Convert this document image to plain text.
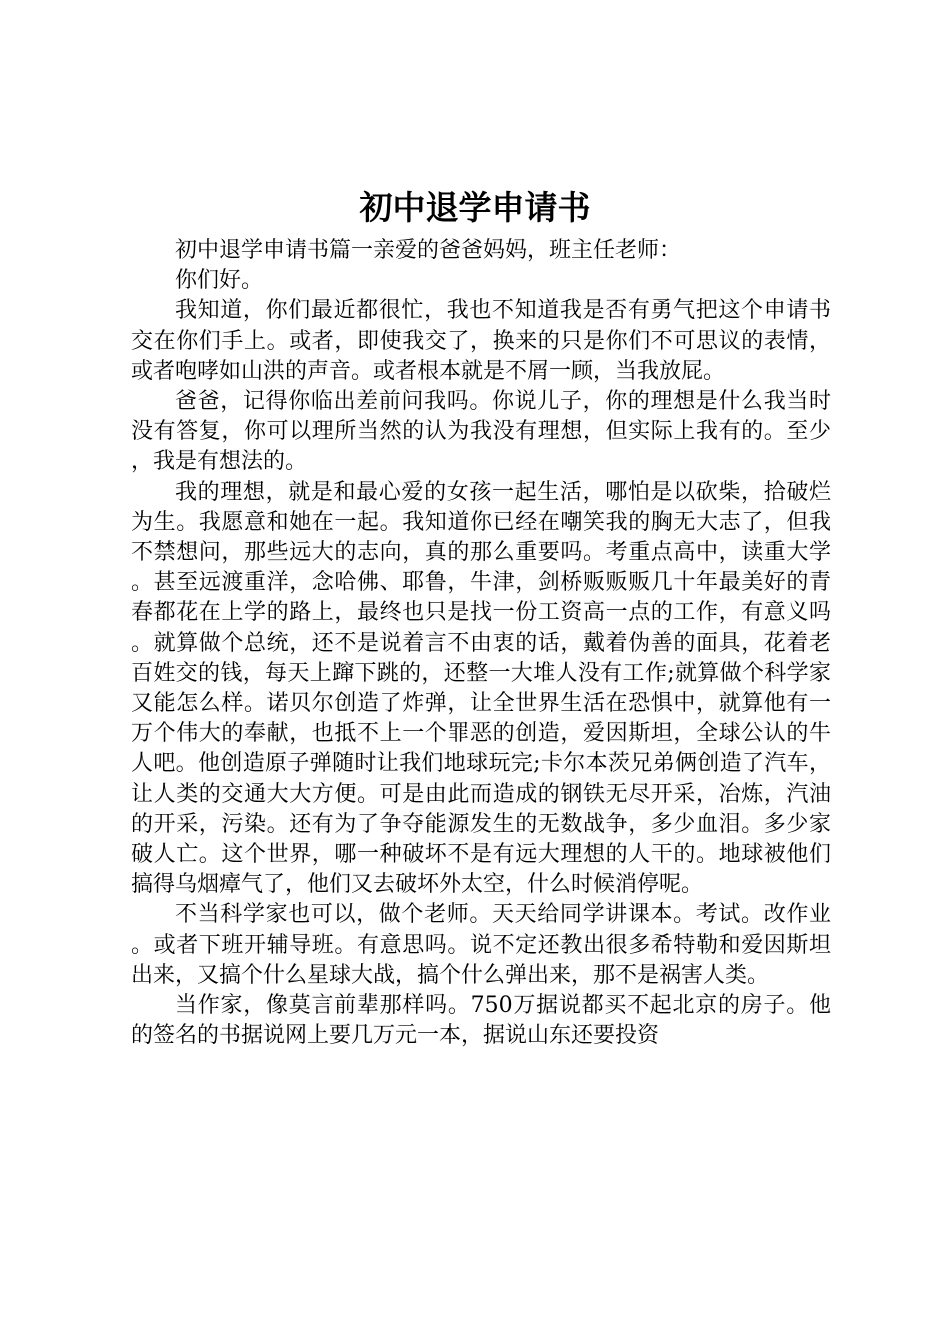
初中退学申请书

初中退学申请书篇一亲爱的爸爸妈妈，班主任老师：

你们好。

我知道，你们最近都很忙，我也不知道我是否有勇气把这个申请书交在你们手上。或者，即使我交了，换来的只是你们不可思议的表情，或者咆哮如山洪的声音。或者根本就是不屑一顾，当我放屁。

爸爸，记得你临出差前问我吗。你说儿子，你的理想是什么我当时没有答复，你可以理所当然的认为我没有理想，但实际上我有的。至少，我是有想法的。

我的理想，就是和最心爱的女孩一起生活，哪怕是以砍柴，拾破烂为生。我愿意和她在一起。我知道你已经在嘲笑我的胸无大志了，但我不禁想问，那些远大的志向，真的那么重要吗。考重点高中，读重大学。甚至远渡重洋，念哈佛、耶鲁，牛津，剑桥贩贩贩几十年最美好的青春都花在上学的路上，最终也只是找一份工资高一点的工作，有意义吗。就算做个总统，还不是说着言不由衷的话，戴着伪善的面具，花着老百姓交的钱，每天上蹿下跳的，还整一大堆人没有工作;就算做个科学家又能怎么样。诺贝尔创造了炸弹，让全世界生活在恐惧中，就算他有一万个伟大的奉献，也抵不上一个罪恶的创造，爱因斯坦，全球公认的牛人吧。他创造原子弹随时让我们地球玩完;卡尔本茨兄弟俩创造了汽车，让人类的交通大大方便。可是由此而造成的钢铁无尽开采，冶炼，汽油的开采，污染。还有为了争夺能源发生的无数战争，多少血泪。多少家破人亡。这个世界，哪一种破坏不是有远大理想的人干的。地球被他们搞得乌烟瘴气了，他们又去破坏外太空，什么时候消停呢。

不当科学家也可以，做个老师。天天给同学讲课本。考试。改作业。或者下班开辅导班。有意思吗。说不定还教出很多希特勒和爱因斯坦出来，又搞个什么星球大战，搞个什么弹出来，那不是祸害人类。

当作家，像莫言前辈那样吗。750万据说都买不起北京的房子。他的签名的书据说网上要几万元一本，据说山东还要投资
